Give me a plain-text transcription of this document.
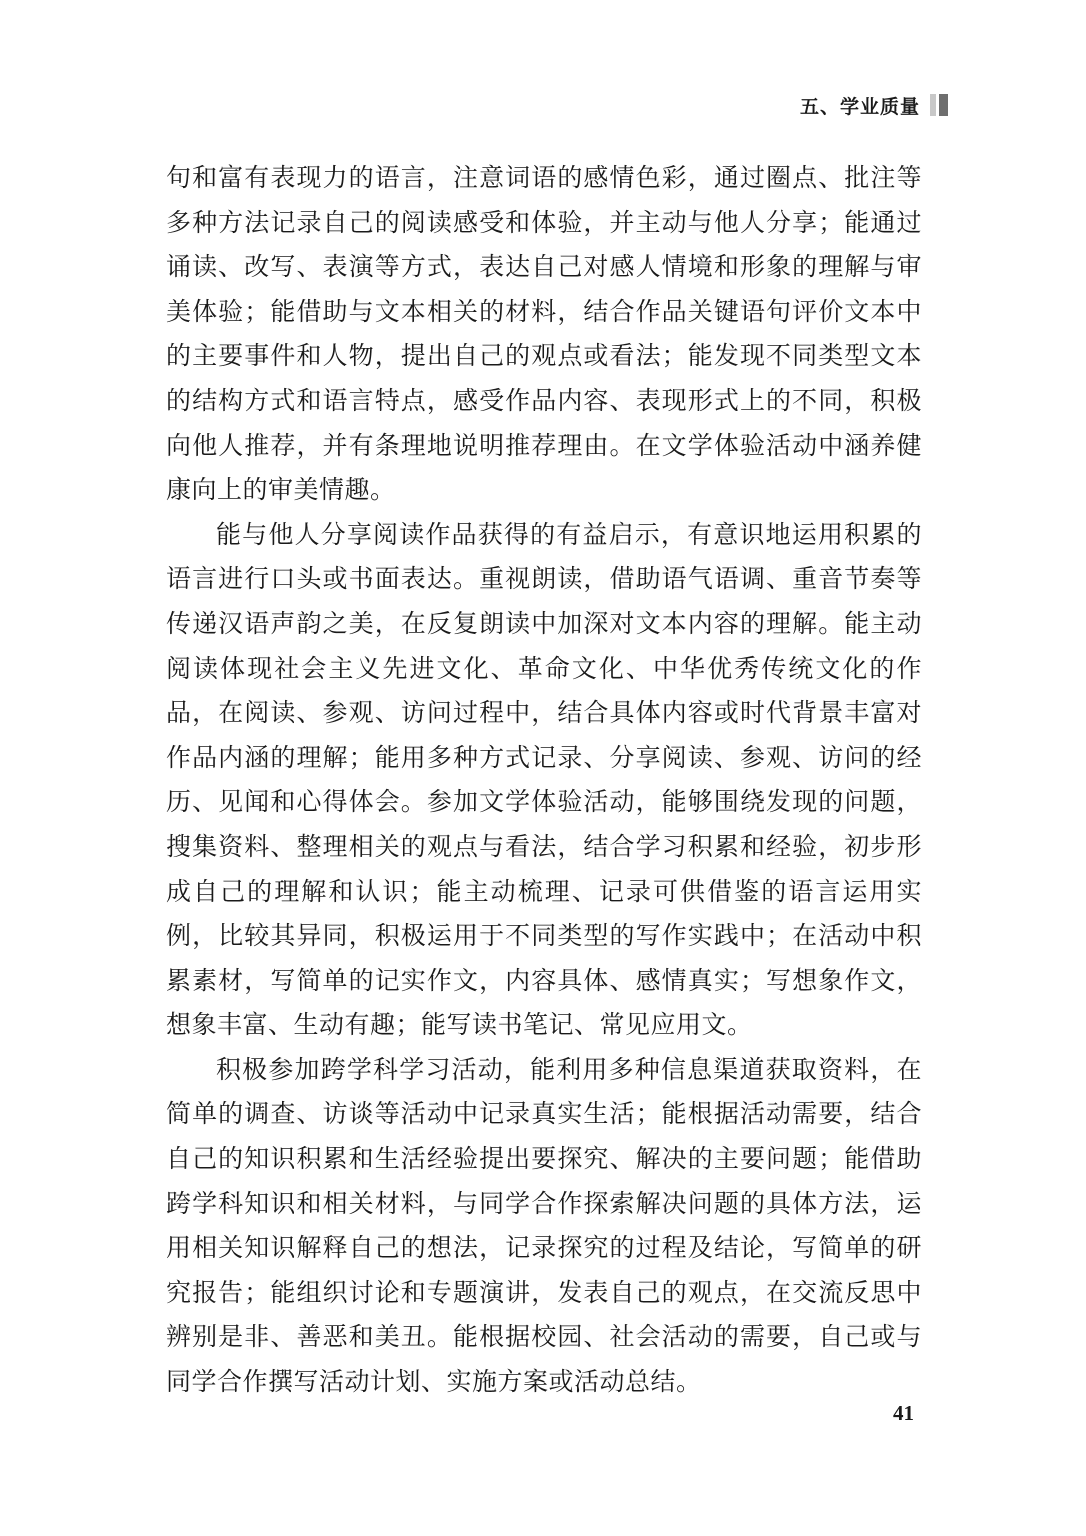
五、学业质量

句和富有表现力的语言，注意词语的感情色彩，通过圈点、批注等多种方法记录自己的阅读感受和体验，并主动与他人分享；能通过诵读、改写、表演等方式，表达自己对感人情境和形象的理解与审美体验；能借助与文本相关的材料，结合作品关键语句评价文本中的主要事件和人物，提出自己的观点或看法；能发现不同类型文本的结构方式和语言特点，感受作品内容、表现形式上的不同，积极向他人推荐，并有条理地说明推荐理由。在文学体验活动中涵养健康向上的审美情趣。

能与他人分享阅读作品获得的有益启示，有意识地运用积累的语言进行口头或书面表达。重视朗读，借助语气语调、重音节奏等传递汉语声韵之美，在反复朗读中加深对文本内容的理解。能主动阅读体现社会主义先进文化、革命文化、中华优秀传统文化的作品，在阅读、参观、访问过程中，结合具体内容或时代背景丰富对作品内涵的理解；能用多种方式记录、分享阅读、参观、访问的经历、见闻和心得体会。参加文学体验活动，能够围绕发现的问题，搜集资料、整理相关的观点与看法，结合学习积累和经验，初步形成自己的理解和认识；能主动梳理、记录可供借鉴的语言运用实例，比较其异同，积极运用于不同类型的写作实践中；在活动中积累素材，写简单的记实作文，内容具体、感情真实；写想象作文，想象丰富、生动有趣；能写读书笔记、常见应用文。

积极参加跨学科学习活动，能利用多种信息渠道获取资料，在简单的调查、访谈等活动中记录真实生活；能根据活动需要，结合自己的知识积累和生活经验提出要探究、解决的主要问题；能借助跨学科知识和相关材料，与同学合作探索解决问题的具体方法，运用相关知识解释自己的想法，记录探究的过程及结论，写简单的研究报告；能组织讨论和专题演讲，发表自己的观点，在交流反思中辨别是非、善恶和美丑。能根据校园、社会活动的需要，自己或与同学合作撰写活动计划、实施方案或活动总结。

41
